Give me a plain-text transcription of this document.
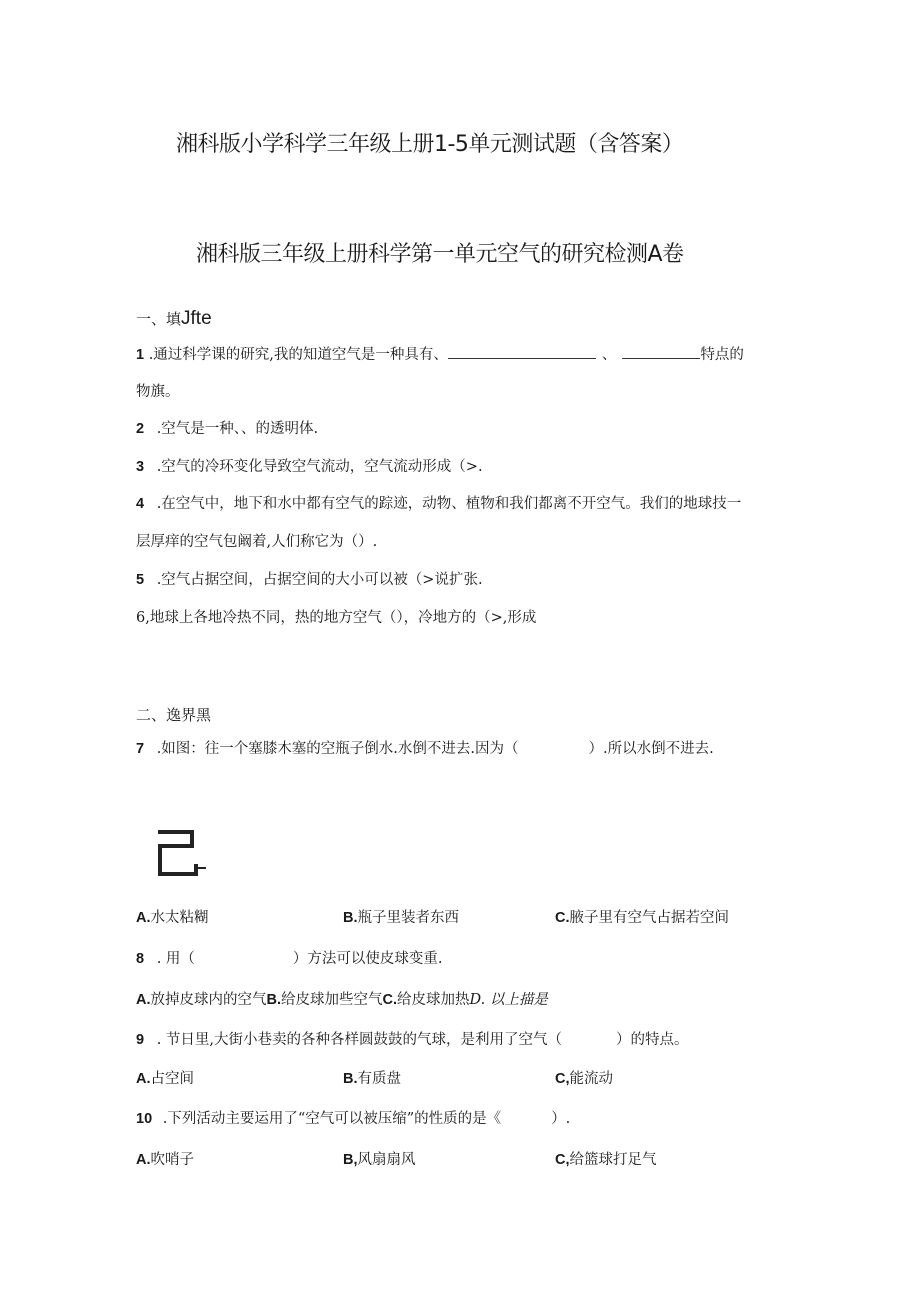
湘科版小学科学三年级上册1-5单元测试题（含答案）
湘科版三年级上册科学第一单元空气的研究检测A卷
一、填Jfte
1 .通过科学课的研究,我的知道空气是一种具有、	、	特点的
物旗。
2 .空气是一种、、的透明体.
3 .空气的冷环变化导致空气流动，空气流动形成（>.
4 .在空气中，地下和水中都有空气的踪迹，动物、植物和我们都离不开空气。我们的地球技一
层厚痒的空气包阚着,人们称它为（）.
5 .空气占据空间，占据空间的大小可以被（>说扩张.
6,地球上各地冷热不同，热的地方空气（），冷地方的（>,形成
二、逸界黑
7 .如图：往一个塞膝木塞的空瓶子倒水.水倒不进去.因为（	）.所以水倒不进去.
A.水太粘糊	B.瓶子里装者东西	C.腋子里有空气占据若空间
8 . 用（	）方法可以使皮球变重.
A.放掉皮球内的空气B.给皮球加些空气C.给皮球加热D. 以上描是
9 . 节日里,大街小巷卖的各种各样圆鼓鼓的气球，是利用了空气（	）的特点。
A.占空间	B.有质盘	C,能流动
10 .下列活动主要运用了“空气可以被压缩”的性质的是《	）.
A.吹哨子	B,风扇扇风	C,给篮球打足气
